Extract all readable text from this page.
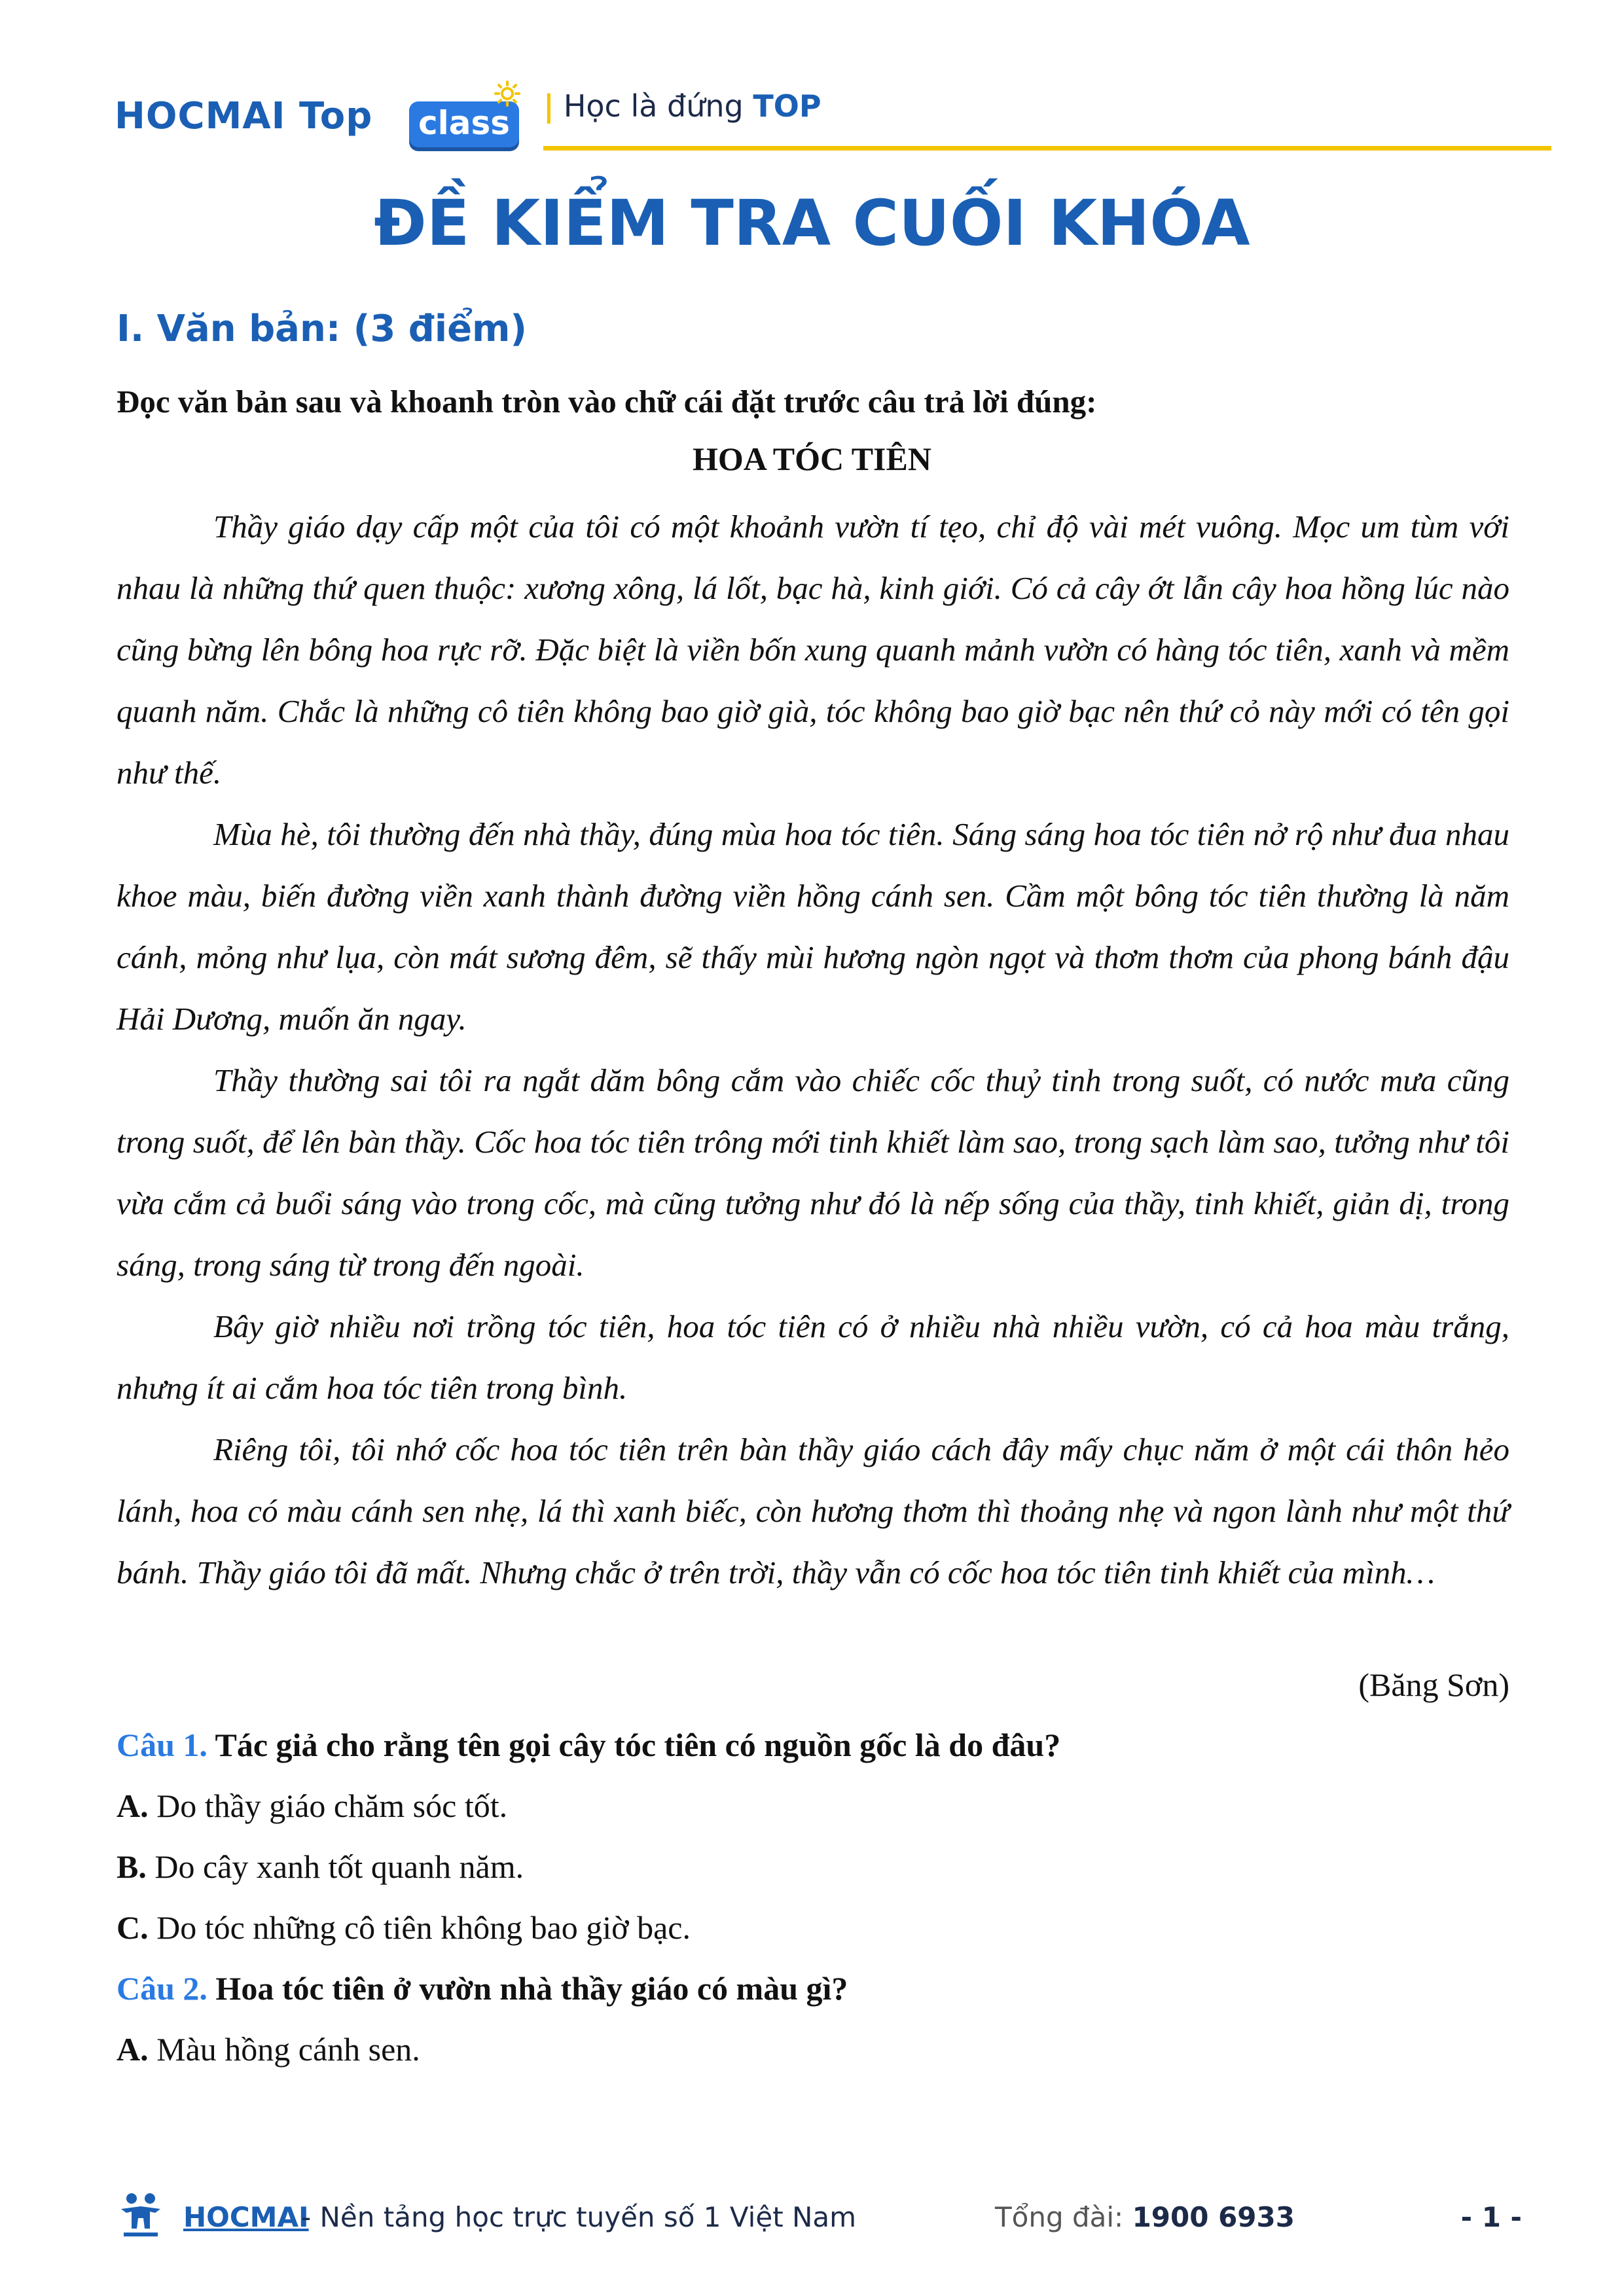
HOCMAI Top class	| Học là đứng TOP
ĐỀ KIỂM TRA CUỐI KHÓA
I. Văn bản: (3 điểm)
Đọc văn bản sau và khoanh tròn vào chữ cái đặt trước câu trả lời đúng:
HOA TÓC TIÊN

Thầy giáo dạy cấp một của tôi có một khoảnh vườn tí tẹo, chỉ độ vài mét vuông. Mọc um tùm với nhau là những thứ quen thuộc: xương xông, lá lốt, bạc hà, kinh giới. Có cả cây ớt lẫn cây hoa hồng lúc nào cũng bừng lên bông hoa rực rỡ. Đặc biệt là viền bốn xung quanh mảnh vườn có hàng tóc tiên, xanh và mềm quanh năm. Chắc là những cô tiên không bao giờ già, tóc không bao giờ bạc nên thứ cỏ này mới có tên gọi như thế.

Mùa hè, tôi thường đến nhà thầy, đúng mùa hoa tóc tiên. Sáng sáng hoa tóc tiên nở rộ như đua nhau khoe màu, biến đường viền xanh thành đường viền hồng cánh sen. Cầm một bông tóc tiên thường là năm cánh, mỏng như lụa, còn mát sương đêm, sẽ thấy mùi hương ngòn ngọt và thơm thơm của phong bánh đậu Hải Dương, muốn ăn ngay.

Thầy thường sai tôi ra ngắt dăm bông cắm vào chiếc cốc thuỷ tinh trong suốt, có nước mưa cũng trong suốt, để lên bàn thầy. Cốc hoa tóc tiên trông mới tinh khiết làm sao, trong sạch làm sao, tưởng như tôi vừa cắm cả buổi sáng vào trong cốc, mà cũng tưởng như đó là nếp sống của thầy, tinh khiết, giản dị, trong sáng, trong sáng từ trong đến ngoài.

Bây giờ nhiều nơi trồng tóc tiên, hoa tóc tiên có ở nhiều nhà nhiều vườn, có cả hoa màu trắng, nhưng ít ai cắm hoa tóc tiên trong bình.

Riêng tôi, tôi nhớ cốc hoa tóc tiên trên bàn thầy giáo cách đây mấy chục năm ở một cái thôn hẻo lánh, hoa có màu cánh sen nhẹ, lá thì xanh biếc, còn hương thơm thì thoảng nhẹ và ngon lành như một thứ bánh. Thầy giáo tôi đã mất. Nhưng chắc ở trên trời, thầy vẫn có cốc hoa tóc tiên tinh khiết của mình…

(Băng Sơn)
Câu 1. Tác giả cho rằng tên gọi cây tóc tiên có nguồn gốc là do đâu?
A. Do thầy giáo chăm sóc tốt.
B. Do cây xanh tốt quanh năm.
C. Do tóc những cô tiên không bao giờ bạc.
Câu 2. Hoa tóc tiên ở vườn nhà thầy giáo có màu gì?
A. Màu hồng cánh sen.
HOCMAI
- Nền tảng học trực tuyến số 1 Việt Nam	Tổng đài: 1900 6933	- 1 -
